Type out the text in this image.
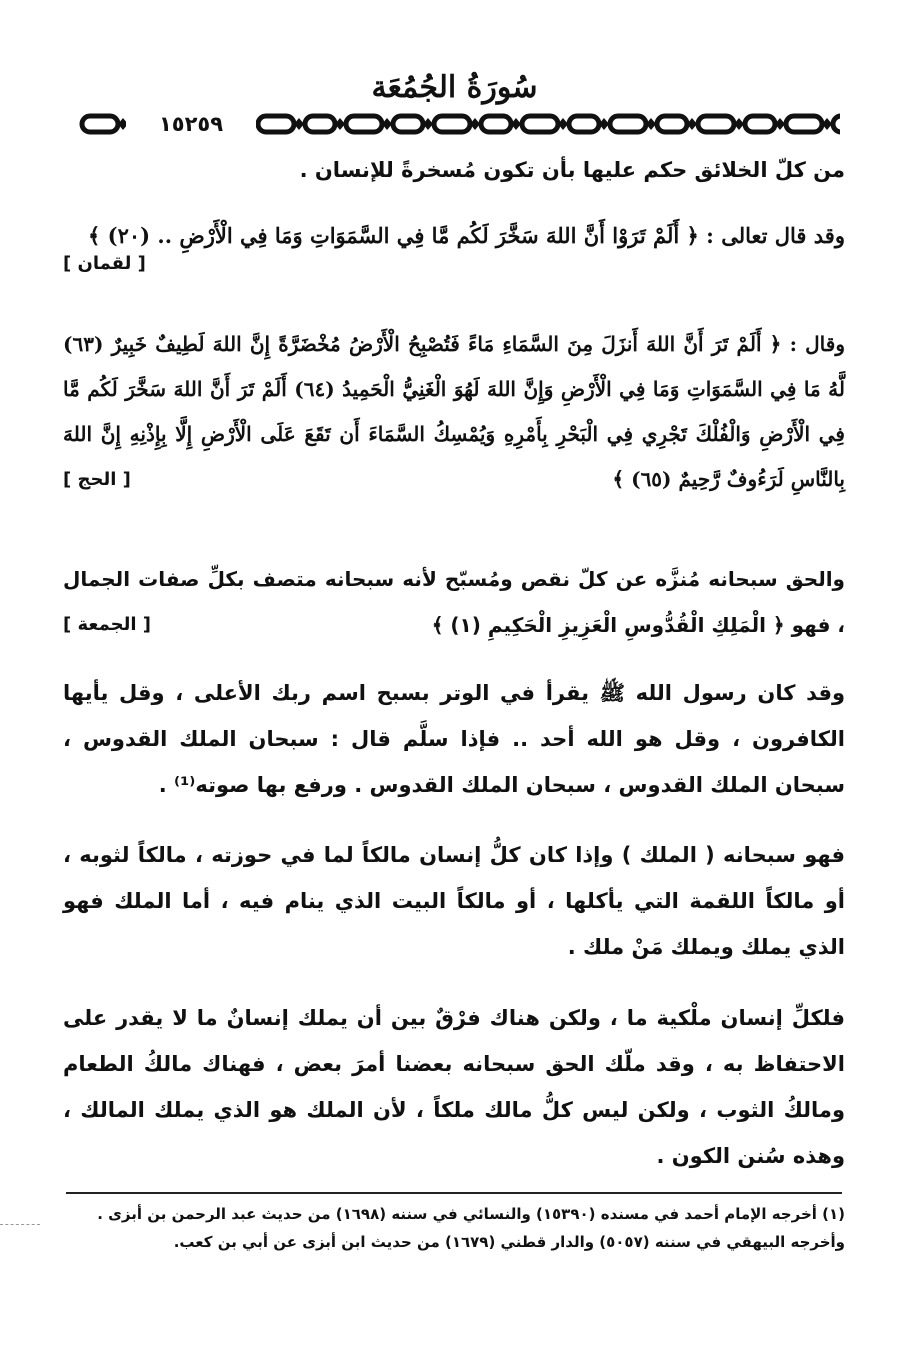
سُورَةُ الجُمُعَة
١٥٢٥٩

من كلّ الخلائق حكم عليها بأن تكون مُسخرةً للإنسان .

وقد قال تعالى : ﴿ أَلَمْ تَرَوْا أَنَّ اللهَ سَخَّرَ لَكُم مَّا فِي السَّمَوَاتِ وَمَا فِي الْأَرْضِ .. (٢٠) ﴾
[ لقمان ]

وقال : ﴿ أَلَمْ تَرَ أَنَّ اللهَ أَنزَلَ مِنَ السَّمَاءِ مَاءً فَتُصْبِحُ الْأَرْضُ مُخْضَرَّةً إِنَّ اللهَ لَطِيفٌ خَبِيرٌ (٦٣) لَّهُ مَا فِي السَّمَوَاتِ وَمَا فِي الْأَرْضِ وَإِنَّ اللهَ لَهُوَ الْغَنِيُّ الْحَمِيدُ (٦٤) أَلَمْ تَرَ أَنَّ اللهَ سَخَّرَ لَكُم مَّا فِي الْأَرْضِ وَالْفُلْكَ تَجْرِي فِي الْبَحْرِ بِأَمْرِهِ وَيُمْسِكُ السَّمَاءَ أَن تَقَعَ عَلَى الْأَرْضِ إِلَّا بِإِذْنِهِ إِنَّ اللهَ بِالنَّاسِ لَرَءُوفٌ رَّحِيمٌ (٦٥) ﴾
[ الحج ]

والحق سبحانه مُنزَّه عن كلّ نقص ومُسبّح لأنه سبحانه متصف بكلِّ صفات الجمال ، فهو ﴿ الْمَلِكِ الْقُدُّوسِ الْعَزِيزِ الْحَكِيمِ (١) ﴾
[ الجمعة ]

وقد كان رسول الله ﷺ يقرأ في الوتر بسبح اسم ربك الأعلى ، وقل يأيها الكافرون ، وقل هو الله أحد .. فإذا سلَّم قال : سبحان الملك القدوس ، سبحان الملك القدوس ، سبحان الملك القدوس . ورفع بها صوته⁽¹⁾ .

فهو سبحانه ( الملك ) وإذا كان كلُّ إنسان مالكاً لما في حوزته ، مالكاً لثوبه ، أو مالكاً اللقمة التي يأكلها ، أو مالكاً البيت الذي ينام فيه ، أما الملك فهو الذي يملك ويملك مَنْ ملك .

فلكلِّ إنسان ملْكية ما ، ولكن هناك فرْقٌ بين أن يملك إنسانٌ ما لا يقدر على الاحتفاظ به ، وقد ملّك الحق سبحانه بعضنا أمرَ بعض ، فهناك مالكُ الطعام ومالكُ الثوب ، ولكن ليس كلُّ مالك ملكاً ، لأن الملك هو الذي يملك المالك ، وهذه سُنن الكون .

(١) أخرجه الإمام أحمد في مسنده (١٥٣٩٠) والنسائي في سننه (١٦٩٨) من حديث عبد الرحمن بن أبزى . وأخرجه البيهقي في سننه (٥٠٥٧) والدار قطني (١٦٧٩) من حديث ابن أبزى عن أبي بن كعب.
